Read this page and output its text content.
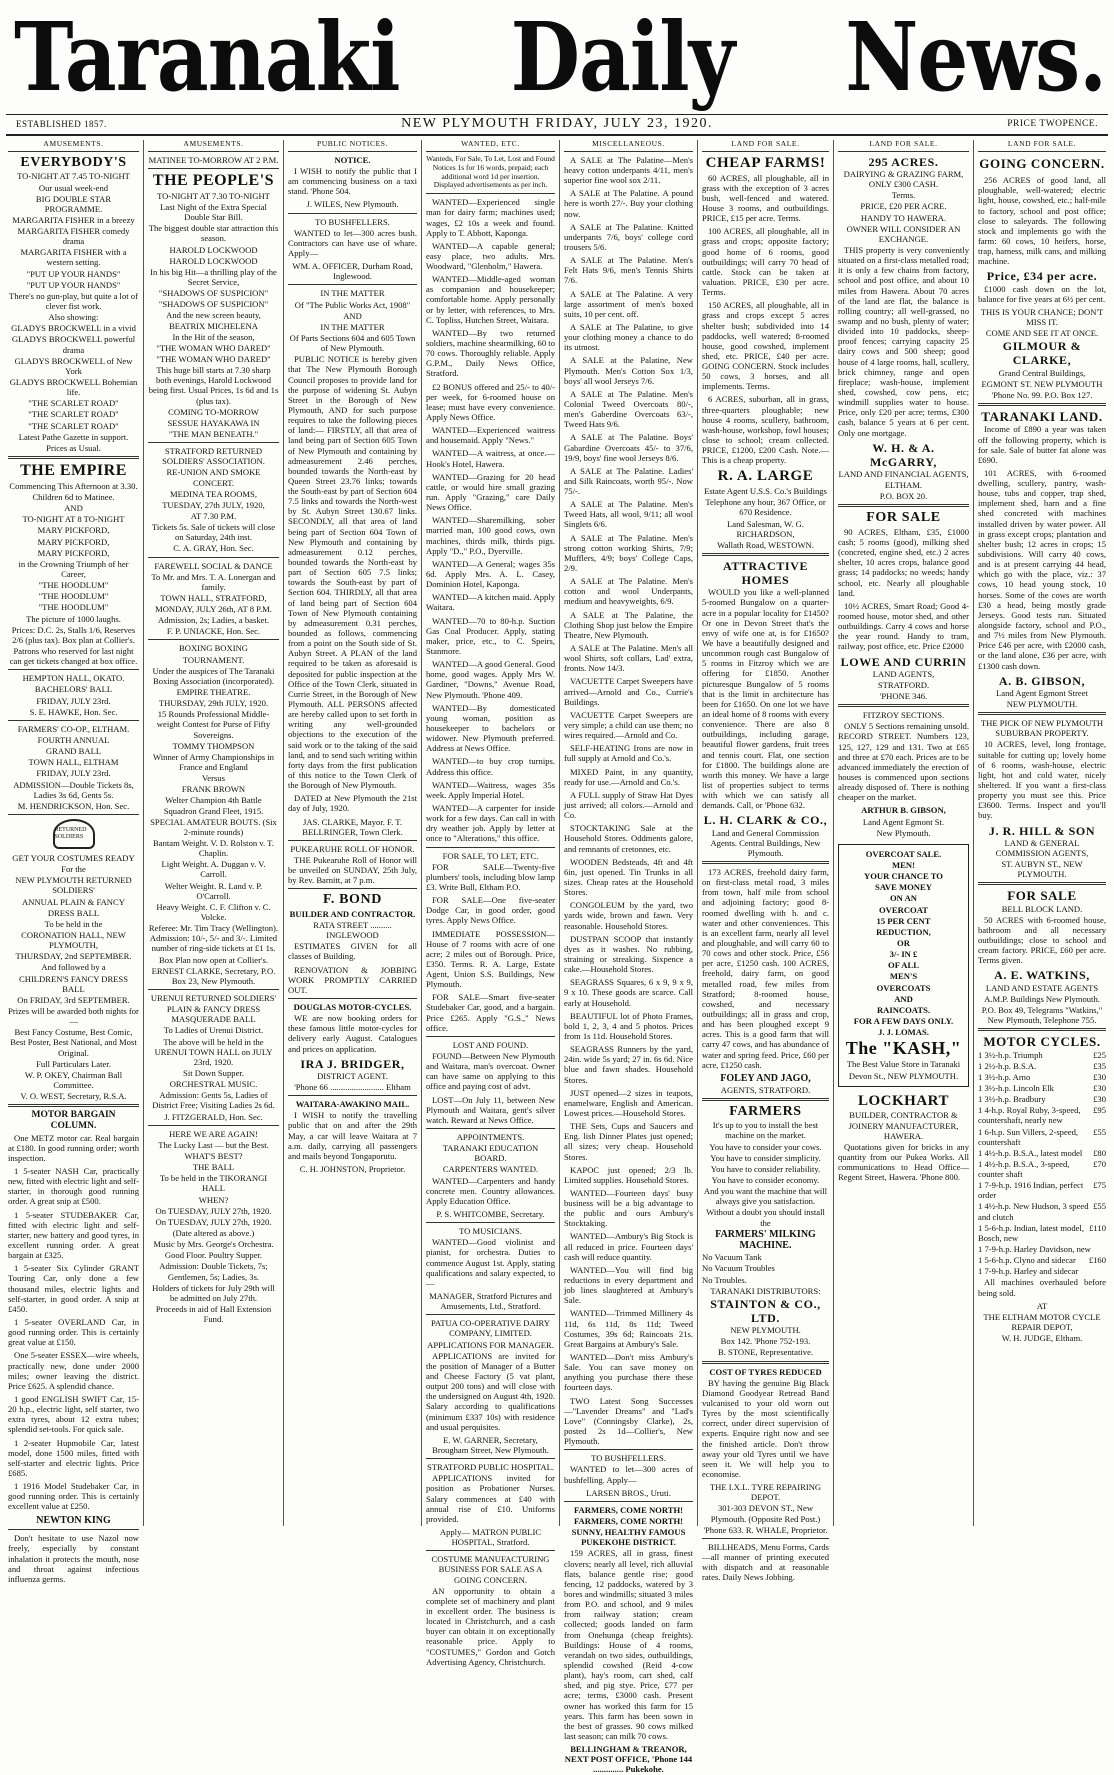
Taranaki Daily News.
ESTABLISHED 1857.	NEW PLYMOUTH FRIDAY, JULY 23, 1920.	PRICE TWOPENCE.
AMUSEMENTS.
EVERYBODY'S
TO-NIGHT AT 7.45 TO-NIGHT
Our usual week-end
BIG DOUBLE STAR PROGRAMME.
MARGARITA FISHER in a breezy
MARGARITA FISHER comedy drama
MARGARITA FISHER with a western setting.
"PUT UP YOUR HANDS"
"PUT UP YOUR HANDS"
There's no gun-play, but quite a lot of clever fist work.
Also showing:
GLADYS BROCKWELL in a vivid
GLADYS BROCKWELL powerful drama
GLADYS BROCKWELL of New York
GLADYS BROCKWELL Bohemian life.
"THE SCARLET ROAD"
"THE SCARLET ROAD"
"THE SCARLET ROAD"
Latest Pathe Gazette in support.
Prices as Usual.
THE EMPIRE
Commencing This Afternoon at 3.30.
Children 6d to Matinee.
AND
TO-NIGHT AT 8 TO-NIGHT
MARY PICKFORD,
MARY PICKFORD,
MARY PICKFORD,
in the Crowning Triumph of her Career,
"THE HOODLUM"
"THE HOODLUM"
"THE HOODLUM"
The picture of 1000 laughs.
Prices: D.C. 2s, Stalls 1/6, Reserves 2/6 (plus tax). Box plan at Collier's.
Patrons who reserved for last night can get tickets changed at box office.
HEMPTON HALL, OKATO.
BACHELORS' BALL
FRIDAY, JULY 23rd.
S. E. HAWKE, Hon. Sec.
FARMERS' CO-OP., ELTHAM.
FOURTH ANNUAL
GRAND BALL
TOWN HALL, ELTHAM
FRIDAY, JULY 23rd.
ADMISSION—Double Tickets 8s, Ladies 3s 6d, Gents 5s.
M. HENDRICKSON, Hon. Sec.
RETURNED SOLDIERS
GET YOUR COSTUMES READY
For the
NEW PLYMOUTH RETURNED SOLDIERS'
ANNUAL PLAIN & FANCY
DRESS BALL
To be held in the
CORONATION HALL, NEW PLYMOUTH,
THURSDAY, 2nd SEPTEMBER.
And followed by a
CHILDREN'S FANCY DRESS BALL
On FRIDAY, 3rd SEPTEMBER.
Prizes will be awarded both nights for—
Best Fancy Costume, Best Comic, Best Poster, Best National, and Most Original.
Full Particulars Later.
W. P. OKEY, Chairman Ball Committee.
V. O. WEST, Secretary, R.S.A.
MOTOR BARGAIN COLUMN.
One METZ motor car. Real bargain at £180. In good running order; worth inspection.
1 5-seater NASH Car, practically new, fitted with electric light and self-starter, in thorough good running order. A great snip at £500.
1 5-seater STUDEBAKER Car, fitted with electric light and self-starter, new battery and good tyres, in excellent running order. A great bargain at £325.
1 5-seater Six Cylinder GRANT Touring Car, only done a few thousand miles, electric lights and self-starter, in good order. A snip at £450.
1 5-seater OVERLAND Car, in good running order. This is certainly great value at £150.
One 5-seater ESSEX—wire wheels, practically new, done under 2000 miles; owner leaving the district. Price £625. A splendid chance.
1 good ENGLISH SWIFT Car, 15-20 h.p., electric light, self starter, two extra tyres, about 12 extra tubes; splendid set-tools. For quick sale.
1 2-seater Hupmobile Car, latest model, done 1500 miles, fitted with self-starter and electric lights. Price £685.
1 1916 Model Studebaker Car, in good running order. This is certainly excellent value at £250.
NEWTON KING
Don't hesitate to use Nazol now freely, especially by constant inhalation it protects the mouth, nose and throat against infectious influenza germs.
AMUSEMENTS.
MATINEE TO-MORROW AT 2 P.M.
THE PEOPLE'S
TO-NIGHT AT 7.30 TO-NIGHT
Last Night of the Extra Special Double Star Bill.
The biggest double star attraction this season.
HAROLD LOCKWOOD
HAROLD LOCKWOOD
In his big Hit—a thrilling play of the Secret Service,
"SHADOWS OF SUSPICION"
"SHADOWS OF SUSPICION"
And the new screen beauty, BEATRIX MICHELENA
In the Hit of the season,
"THE WOMAN WHO DARED"
"THE WOMAN WHO DARED"
This huge bill starts at 7.30 sharp both evenings, Harold Lockwood being first. Usual Prices, 1s 6d and 1s (plus tax).
COMING TO-MORROW
SESSUE HAYAKAWA IN
"THE MAN BENEATH."
STRATFORD RETURNED SOLDIERS' ASSOCIATION.
RE-UNION AND SMOKE CONCERT.
MEDINA TEA ROOMS,
TUESDAY, 27th JULY, 1920,
AT 7.30 P.M.
Tickets 5s. Sale of tickets will close on Saturday, 24th inst.
C. A. GRAY, Hon. Sec.
FAREWELL SOCIAL & DANCE
To Mr. and Mrs. T. A. Lonergan and family.
TOWN HALL, STRATFORD,
MONDAY, JULY 26th, AT 8 P.M.
Admission, 2s; Ladies, a basket.
F. P. UNIACKE, Hon. Sec.
BOXING BOXING
TOURNAMENT.
Under the auspices of The Taranaki Boxing Association (incorporated).
EMPIRE THEATRE.
THURSDAY, 29th JULY, 1920.
15 Rounds Professional Middle-weight Contest for Purse of Fifty Sovereigns.
TOMMY THOMPSON
Winner of Army Championships in France and England
Versus
FRANK BROWN
Welter Champion 4th Battle Squadron Grand Fleet, 1915.
SPECIAL AMATEUR BOUTS. (Six 2-minute rounds)
Bantam Weight. V. D. Rolston v. T. Chaplin.
Light Weight. A. Duggan v. V. Carroll.
Welter Weight. R. Land v. P. O'Carroll.
Heavy Weight. C. F. Clifton v. C. Volcke.
Referee: Mr. Tim Tracy (Wellington). Admission: 10/-, 5/- and 3/-. Limited number of ring-side tickets at £1 1s.
Box Plan now open at Collier's.
ERNEST CLARKE, Secretary, P.O. Box 23, New Plymouth.
URENUI RETURNED SOLDIERS'
PLAIN & FANCY DRESS MASQUERADE BALL
To Ladies of Urenui District.
The above will be held in the URENUI TOWN HALL on JULY 23rd, 1920.
Sit Down Supper.
ORCHESTRAL MUSIC.
Admission: Gents 5s, Ladies of District Free; Visiting Ladies 2s 6d.
J. FITZGERALD, Hon. Sec.
HERE WE ARE AGAIN!
The Lucky Last — but the Best.
WHAT'S BEST?
THE BALL
To be held in the TIKORANGI HALL
WHEN?
On TUESDAY, JULY 27th, 1920.
On TUESDAY, JULY 27th, 1920.
(Date altered as above.)
Music by Mrs. George's Orchestra.
Good Floor. Poultry Supper.
Admission: Double Tickets, 7s; Gentlemen, 5s; Ladies, 3s.
Holders of tickets for July 29th will be admitted on July 27th.
Proceeds in aid of Hall Extension Fund.
PUBLIC NOTICES.
NOTICE.
I WISH to notify the public that I am commencing business on a taxi stand. 'Phone 504.
J. WILES, New Plymouth.
TO BUSHFELLERS.
WANTED to let—300 acres bush. Contractors can have use of whare. Apply—
WM. A. OFFICER, Durham Road, Inglewood.
IN THE MATTER
Of "The Public Works Act, 1908"
AND
IN THE MATTER
Of Parts Sections 604 and 605 Town of New Plymouth.
PUBLIC NOTICE is hereby given that The New Plymouth Borough Council proposes to provide land for the purpose of widening St. Aubyn Street in the Borough of New Plymouth, AND for such purpose requires to take the following pieces of land:— FIRSTLY, all that area of land being part of Section 605 Town of New Plymouth and containing by admeasurement 2.46 perches, bounded towards the North-east by Queen Street 23.76 links; towards the South-east by part of Section 604 7.5 links and towards the North-west by St. Aubyn Street 130.67 links. SECONDLY, all that area of land being part of Section 604 Town of New Plymouth and containing by admeasurement 0.12 perches, bounded towards the North-east by part of Section 605 7.5 links; towards the South-east by part of Section 604. THIRDLY, all that area of land being part of Section 604 Town of New Plymouth containing by admeasurement 0.31 perches, bounded as follows, commencing from a point on the South side of St. Aubyn Street. A PLAN of the land required to be taken as aforesaid is deposited for public inspection at the Office of the Town Clerk, situated in Currie Street, in the Borough of New Plymouth. ALL PERSONS affected are hereby called upon to set forth in writing any well-grounded objections to the execution of the said work or to the taking of the said land, and to send such writing within forty days from the first publication of this notice to the Town Clerk of the Borough of New Plymouth.
DATED at New Plymouth the 21st day of July, 1920.
JAS. CLARKE, Mayor. F. T. BELLRINGER, Town Clerk.
PUKEARUHE ROLL OF HONOR.
THE Pukearuhe Roll of Honor will be unveiled on SUNDAY, 25th July, by Rev. Barnitt, at 7 p.m.
F. BOND
BUILDER AND CONTRACTOR.
RATA STREET .......... INGLEWOOD
ESTIMATES GIVEN for all classes of Building.
RENOVATION & JOBBING WORK PROMPTLY CARRIED OUT.
DOUGLAS MOTOR-CYCLES.
WE are now booking orders for these famous little motor-cycles for delivery early August. Catalogues and prices on application.
IRA J. BRIDGER,
DISTRICT AGENT.
'Phone 66 ......................... Eltham
WAITARA-AWAKINO MAIL.
I WISH to notify the travelling public that on and after the 29th May, a car will leave Waitara at 7 a.m. daily, carrying all passengers and mails beyond Tongaporutu.
C. H. JOHNSTON, Proprietor.
WANTED, ETC.
Wanteds, For Sale, To Let, Lost and Found Notices 1s for 16 words, prepaid; each additional word 1d per insertion. Displayed advertisements as per inch.
WANTED—Experienced single man for dairy farm; machines used; wages, £2 10s a week and found. Apply to T. Abbott, Kaponga.
WANTED—A capable general; easy place, two adults. Mrs. Woodward, "Glenholm," Hawera.
WANTED—Middle-aged woman as companion and housekeeper; comfortable home. Apply personally or by letter, with references, to Mrs. C. Topliss, Hutchen Street, Waitara.
WANTED—By two returned soldiers, machine shearmilking, 60 to 70 cows. Thoroughly reliable. Apply G.P.M., Daily News Office, Stratford.
£2 BONUS offered and 25/- to 40/- per week, for 6-roomed house on lease; must have every convenience. Apply News Office.
WANTED—Experienced waitress and housemaid. Apply "News."
WANTED—A waitress, at once.—Hook's Hotel, Hawera.
WANTED—Grazing for 20 head cattle, or would hire small grazing run. Apply "Grazing," care Daily News Office.
WANTED—Sharemilking, sober married man, 100 good cows, own machines, thirds milk, thirds pigs. Apply "D.," P.O., Dyerville.
WANTED—A General; wages 35s 6d. Apply Mrs. A. L. Casey, Dominion Hotel, Kaponga.
WANTED—A kitchen maid. Apply Waitara.
WANTED—70 to 80-h.p. Suction Gas Coal Producer. Apply, stating maker, price, etc., to C. Speirs, Stanmore.
WANTED—A good General. Good home, good wages. Apply Mrs W. Gardiner, "Downs," Avenue Road, New Plymouth. 'Phone 409.
WANTED—By domesticated young woman, position as housekeeper to bachelors or widower. New Plymouth preferred. Address at News Office.
WANTED—to buy crop turnips. Address this office.
WANTED—Waitress, wages 35s week. Apply Imperial Hotel.
WANTED—A carpenter for inside work for a few days. Can call in with dry weather job. Apply by letter at once to "Alterations," this office.
FOR SALE, TO LET, ETC.
FOR SALE—Twenty-five plumbers' tools, including blow lamp £3. Write Bull, Eltham P.O.
FOR SALE—One five-seater Dodge Car, in good order, good tyres. Apply News Office.
IMMEDIATE POSSESSION—House of 7 rooms with acre of one acre; 2 miles out of Borough. Price, £350. Terms. R. A. Large, Estate Agent, Union S.S. Buildings, New Plymouth.
FOR SALE—Smart five-seater Studebaker Car, good, and a bargain. Price £265. Apply "G.S.," News office.
LOST AND FOUND.
FOUND—Between New Plymouth and Waitara, man's overcoat. Owner can have same on applying to this office and paying cost of advt.
LOST—On July 11, between New Plymouth and Waitara, gent's silver watch. Reward at News Office.
APPOINTMENTS.
TARANAKI EDUCATION BOARD.
CARPENTERS WANTED.
WANTED—Carpenters and handy concrete men. Country allowances. Apply Education Office.
P. S. WHITCOMBE, Secretary.
TO MUSICIANS.
WANTED—Good violinist and pianist, for orchestra. Duties to commence August 1st. Apply, stating qualifications and salary expected, to—
MANAGER, Stratford Pictures and Amusements, Ltd., Stratford.
PATUA CO-OPERATIVE DAIRY COMPANY, LIMITED.
APPLICATIONS FOR MANAGER.
APPLICATIONS are invited for the position of Manager of a Butter and Cheese Factory (5 vat plant, output 200 tons) and will close with the undersigned on August 4th, 1920. Salary according to qualifications (minimum £337 10s) with residence and usual perquisites.
E. W. GARNER, Secretary, Brougham Street, New Plymouth.
STRATFORD PUBLIC HOSPITAL.
APPLICATIONS invited for position as Probationer Nurses. Salary commences at £40 with annual rise of £10. Uniforms provided.
Apply— MATRON PUBLIC HOSPITAL, Stratford.
COSTUME MANUFACTURING BUSINESS FOR SALE AS A GOING CONCERN.
AN opportunity to obtain a complete set of machinery and plant in excellent order. The business is located in Christchurch, and a cash buyer can obtain it on exceptionally reasonable price. Apply to "COSTUMES," Gordon and Gotch Advertising Agency, Christchurch.
MISCELLANEOUS.
A SALE at The Palatine—Men's heavy cotton underpants 4/11, men's superior fine wool sox 2/11.
A SALE at The Palatine. A pound here is worth 27/-. Buy your clothing now.
A SALE at The Palatine. Knitted underpants 7/6, boys' college cord trousers 5/6.
A SALE at The Palatine. Men's Felt Hats 9/6, men's Tennis Shirts 7/6.
A SALE at The Palatine. A very large assortment of men's boxed suits, 10 per cent. off.
A SALE at The Palatine, to give your clothing money a chance to do its utmost.
A SALE at the Palatine, New Plymouth. Men's Cotton Sox 1/3, boys' all wool Jerseys 7/6.
A SALE at The Palatine. Men's Colonial Tweed Overcoats 80/-, men's Gaberdine Overcoats 63/-, Tweed Hats 9/6.
A SALE at The Palatine. Boys' Gabardine Overcoats 45/- to 37/6, 19/9, boys' fine wool Jerseys 8/6.
A SALE at The Palatine. Ladies' and Silk Raincoats, worth 95/-. Now 75/-.
A SALE at The Palatine. Men's Tweed Hats, all wool, 9/11; all wool Singlets 6/6.
A SALE at The Palatine. Men's strong cotton working Shirts, 7/9; Mufflers, 4/9; boys' College Caps, 2/9.
A SALE at The Palatine. Men's cotton and wool Underpants, medium and heavyweights, 6/9.
A SALE at The Palatine, the Clothing Shop just below the Empire Theatre, New Plymouth.
A SALE at The Palatine. Men's all wool Shirts, soft collars, Lad' extra, fronts. Now 14/3.
VACUETTE Carpet Sweepers have arrived—Arnold and Co., Currie's Buildings.
VACUETTE Carpet Sweepers are very simple; a child can use them; no wires required.—Arnold and Co.
SELF-HEATING Irons are now in full supply at Arnold and Co.'s.
MIXED Paint, in any quantity, ready for use.—Arnold and Co.'s.
A FULL supply of Straw Hat Dyes just arrived; all colors.—Arnold and Co.
STOCKTAKING Sale at the Household Stores. Oddments galore, and remnants of cretonnes, etc.
WOODEN Bedsteads, 4ft and 4ft 6in, just opened. Tin Trunks in all sizes. Cheap rates at the Household Stores.
CONGOLEUM by the yard, two yards wide, brown and fawn. Very reasonable. Household Stores.
DUSTPAN SCOOP that instantly dyes as it washes. No rubbing, straining or streaking. Sixpence a cake.—Household Stores.
SEAGRASS Squares, 6 x 9, 9 x 9, 9 x 10. These goods are scarce. Call early at Household.
BEAUTIFUL lot of Photo Frames, bold 1, 2, 3, 4 and 5 photos. Prices from 1s 11d. Household Stores.
SEAGRASS Runners by the yard, 24in. wide 5s yard; 27 in. 6s 6d. Nice blue and fawn shades. Household Stores.
JUST opened—2 sizes in teapots, enamelware, English and American. Lowest prices.—Household Stores.
THE Sets, Cups and Saucers and Eng. lish Dinner Plates just opened; all sizes; very cheap. Household Stores.
KAPOC just opened; 2/3 lb. Limited supplies. Household Stores.
WANTED—Fourteen days' busy business will be a big advantage to the public and ours Ambury's Stocktaking.
WANTED—Ambury's Big Stock is all reduced in price. Fourteen days' cash will reduce quantity.
WANTED—You will find big reductions in every department and job lines slaughtered at Ambury's Sale.
WANTED—Trimmed Millinery 4s 11d, 6s 11d, 8s 11d; Tweed Costumes, 39s 6d; Raincoats 21s. Great Bargains at Ambury's Sale.
WANTED—Don't miss Ambury's Sale. You can save money on anything you purchase there these fourteen days.
TWO Latest Song Successes—"Lavender Dreams" and "Lad's Love" (Conningsby Clarke), 2s, posted 2s 1d—Collier's, New Plymouth.
TO BUSHFELLERS.
WANTED to let—300 acres of bushfelling. Apply—
LARSEN BROS., Uruti.
FARMERS, COME NORTH!
FARMERS, COME NORTH!
SUNNY, HEALTHY FAMOUS PUKEKOHE DISTRICT.
159 ACRES, all in grass, finest clovers; nearly all level, rich alluvial flats, balance gentle rise; good fencing, 12 paddocks, watered by 3 bores and windmills; situated 3 miles from P.O. and school, and 9 miles from railway station; cream collected; goods landed on farm from Onehunga (cheap freights). Buildings: House of 4 rooms, verandah on two sides, outbuildings, splendid cowshed (Reid 4-cow plant), hay's room, cart shed, calf shed, and pig stye. Price, £77 per acre; terms, £3000 cash. Present owner has worked this farm for 15 years. This farm has been sown in the best of grasses. 90 cows milked last season; can milk 70 cows.
BELLINGHAM & TREANOR, NEXT POST OFFICE, 'Phone 144 .............. Pukekohe.
LAND FOR SALE.
CHEAP FARMS!
60 ACRES, all ploughable, all in grass with the exception of 3 acres bush, well-fenced and watered. House 3 rooms, and outbuildings. PRICE, £15 per acre. Terms.
100 ACRES, all ploughable, all in grass and crops; opposite factory; good home of 6 rooms, good outbuildings; will carry 70 head of cattle. Stock can be taken at valuation. PRICE, £30 per acre. Terms.
150 ACRES, all ploughable, all in grass and crops except 5 acres shelter bush; subdivided into 14 paddocks, well watered; 8-roomed house, good cowshed, implement shed, etc. PRICE, £40 per acre. GOING CONCERN. Stock includes 50 cows, 3 horses, and all implements. Terms.
6 ACRES, suburban, all in grass, three-quarters ploughable; new house 4 rooms, scullery, bathroom, wash-house, workshop, fowl houses; close to school; cream collected. PRICE, £1200, £200 Cash. Note.—This is a cheap property.
R. A. LARGE
Estate Agent U.S.S. Co.'s Buildings
Telephone any hour, 367 Office, or 670 Residence.
Land Salesman, W. G. RICHARDSON,
Wallath Road, WESTOWN.
ATTRACTIVE
HOMES
WOULD you like a well-planned 5-roomed Bungalow on a quarter-acre in a popular locality for £1450? Or one in Devon Street that's the envy of wife one at, is for £1650? We have a beautifully designed and uncommon rough cast Bungalow of 5 rooms in Fitzroy which we are offering for £1850. Another picturesque Bungalow of 5 rooms that is the limit in architecture has been for £1650. On one lot we have an ideal home of 8 rooms with every convenience. There are also 8 outbuildings, including garage, beautiful flower gardens, fruit trees and tennis court. Flat, one section for £1800. The buildings alone are worth this money. We have a large list of properties subject to terms with which we can satisfy all demands. Call, or 'Phone 632.
L. H. CLARK & CO.,
Land and General Commission Agents. Central Buildings, New Plymouth.
173 ACRES, freehold dairy farm, on first-class metal road, 3 miles from town, half mile from school and adjoining factory; good 8-roomed dwelling with h. and c. water and other conveniences. This is an excellent farm, nearly all level and ploughable, and will carry 60 to 70 cows and other stock. Price, £56 per acre, £1250 cash. 100 ACRES, freehold, dairy farm, on good metalled road, few miles from Stratford; 8-roomed house, cowshed, and necessary outbuildings; all in grass and crop, and has been ploughed except 9 acres. This is a good farm that will carry 47 cows, and has abundance of water and spring feed. Price, £60 per acre, £1250 cash.
FOLEY AND JAGO,
AGENTS, STRATFORD.
FARMERS
It's up to you to install the best machine on the market.
You have to consider your cows.
You have to consider simplicity.
You have to consider reliability.
You have to consider economy.
And you want the machine that will always give you satisfaction.
Without a doubt you should install the
FARMERS' MILKING MACHINE.
No Vacuum Tank
No Vacuum Troubles
No Troubles.
TARANAKI DISTRIBUTORS:
STAINTON & CO., LTD.
NEW PLYMOUTH.
Box 142. 'Phone 752-193.
B. STONE, Representative.
COST OF TYRES REDUCED
BY having the genuine Big Black Diamond Goodyear Retread Band vulcanised to your old worn out Tyres by the most scientifically correct, under direct supervision of experts. Enquire right now and see the finished article. Don't throw away your old Tyres until we have seen it. We will help you to economise.
THE I.X.L. TYRE REPAIRING DEPOT.
301-303 DEVON ST., New Plymouth. (Opposite Red Post.)
'Phone 633. R. WHALE, Proprietor.
BILLHEADS, Menu Forms, Cards—all manner of printing executed with dispatch and at reasonable rates. Daily News Jobbing.
LAND FOR SALE.
295 ACRES.
DAIRYING & GRAZING FARM, ONLY £300 CASH.
Terms.
PRICE, £20 PER ACRE.
HANDY TO HAWERA.
OWNER WILL CONSIDER AN EXCHANGE.
THIS property is very conveniently situated on a first-class metalled road; it is only a few chains from factory, school and post office, and about 10 miles from Hawera. About 70 acres of the land are flat, the balance is rolling country; all well-grassed, no swamp and no bush, plenty of water; divided into 10 paddocks, sheep-proof fences; carrying capacity 25 dairy cows and 500 sheep; good house of 4 large rooms, hall, scullery, brick chimney, range and open fireplace; wash-house, implement shed, cowshed, cow pens, etc; windmill supplies water to house. Price, only £20 per acre; terms, £300 cash, balance 5 years at 6 per cent. Only one mortgage.
W. H. & A. McGARRY,
LAND AND FINANCIAL AGENTS,
ELTHAM.
P.O. BOX 20.
FOR SALE
90 ACRES, Eltham, £35, £1000 cash; 5 rooms (good), milking shed (concreted, engine shed, etc.) 2 acres shelter, 10 acres crops, balance good grass; 14 paddocks; no weeds; handy school, etc. Nearly all ploughable land.
10½ ACRES, Smart Road; Good 4-roomed house, motor shed, and other outbuildings. Carry 4 cows and horse the year round. Handy to tram, railway, post office, etc. Price £2000
LOWE AND CURRIN
LAND AGENTS,
STRATFORD.
'PHONE 346.
FITZROY SECTIONS.
ONLY 5 Sections remaining unsold. RECORD STREET. Numbers 123, 125, 127, 129 and 131. Two at £65 and three at £70 each. Prices are to be advanced immediately the erection of houses is commenced upon sections already disposed of. There is nothing cheaper on the market.
ARTHUR B. GIBSON,
Land Agent Egmont St.
New Plymouth.
OVERCOAT SALE.
MEN!
YOUR CHANCE TO
SAVE MONEY
ON AN
OVERCOAT
15 PER CENT
REDUCTION,
OR
3/- IN £
OF ALL
MEN'S
OVERCOATS
AND
RAINCOATS.
FOR A FEW DAYS ONLY.
J. J. LOMAS.
The "KASH,"
The Best Value Store in Taranaki
Devon St., NEW PLYMOUTH.
LOCKHART
BUILDER, CONTRACTOR & JOINERY MANUFACTURER, HAWERA.
Quotations given for bricks in any quantity from our Pukea Works. All communications to Head Office—Regent Street, Hawera. 'Phone 800.
LAND FOR SALE.
GOING CONCERN.
256 ACRES of good land, all ploughable, well-watered; electric light, house, cowshed, etc.; half-mile to factory, school and post office; close to saleyards. The following stock and implements go with the farm: 60 cows, 10 heifers, horse, trap, harness, milk cans, and milking machine.
Price, £34 per acre.
£1000 cash down on the lot, balance for five years at 6½ per cent.
THIS IS YOUR CHANCE; DON'T MISS IT.
COME AND SEE IT AT ONCE.
GILMOUR & CLARKE,
Grand Central Buildings,
EGMONT ST. NEW PLYMOUTH
'Phone No. 99. P.O. Box 127.
TARANAKI LAND.
Income of £890 a year was taken off the following property, which is for sale. Sale of butter fat alone was £690.
101 ACRES, with 6-roomed dwelling, scullery, pantry, wash-house, tubs and copper, trap shed, implement shed, barn and a fine shed concreted with machines installed driven by water power. All in grass except crops; plantation and shelter bush; 12 acres in crops; 15 subdivisions. Will carry 40 cows, and is at present carrying 44 head, which go with the place, viz.: 37 cows, 10 head young stock, 10 horses. Some of the cows are worth £30 a head, being mostly grade Jerseys. Good tests run. Situated alongside factory, school and P.O., and 7½ miles from New Plymouth. Price £46 per acre, with £2000 cash, or the land alone, £36 per acre, with £1300 cash down.
A. B. GIBSON,
Land Agent Egmont Street
NEW PLYMOUTH.
THE PICK OF NEW PLYMOUTH SUBURBAN PROPERTY.
10 ACRES, level, long frontage, suitable for cutting up; lovely home of 6 rooms, wash-house, electric light, hot and cold water, nicely sheltered. If you want a first-class property you must see this. Price £3600. Terms. Inspect and you'll buy.
J. R. HILL & SON
LAND & GENERAL COMMISSION AGENTS,
ST. AUBYN ST., NEW PLYMOUTH.
FOR SALE
BELL BLOCK LAND.
50 ACRES with 6-roomed house, bathroom and all necessary outbuildings; close to school and cream factory. PRICE, £60 per acre. Terms given.
A. E. WATKINS,
LAND AND ESTATE AGENTS
A.M.P. Buildings New Plymouth.
P.O. Box 49, Telegrams "Watkins," New Plymouth, Telephone 755.
MOTOR CYCLES.
1 3½-h.p. Triumph	£25
1 2½-h.p. B.S.A.	£35
1 3½-h.p. Arno	£30
1 3½-h.p. Lincoln Elk	£30
1 3½-h.p. Bradbury	£30
1 4-h.p. Royal Ruby, 3-speed, countershaft, nearly new
£95
1 6-h.p. Sun Villers, 2-speed, countershaft
£55
1 4½-h.p. B.S.A., latest model £80
1 4½-h.p. B.S.A., 3-speed, counter shaft
£70
1 7-9-h.p. 1916 Indian, perfect order
£75
1 4½-h.p. New Hudson, 3 speed and clutch
£55
1 5-6-h.p. Indian, latest model, Bosch, new
£110
1 7-9-h.p. Harley Davidson, new
1 5-6-h.p. Clyno and sidecar £160
1 7-9-h.p. Harley and sidecar
All machines overhauled before being sold.
AT
THE ELTHAM MOTOR CYCLE REPAIR DEPOT,
W. H. JUDGE, Eltham.
